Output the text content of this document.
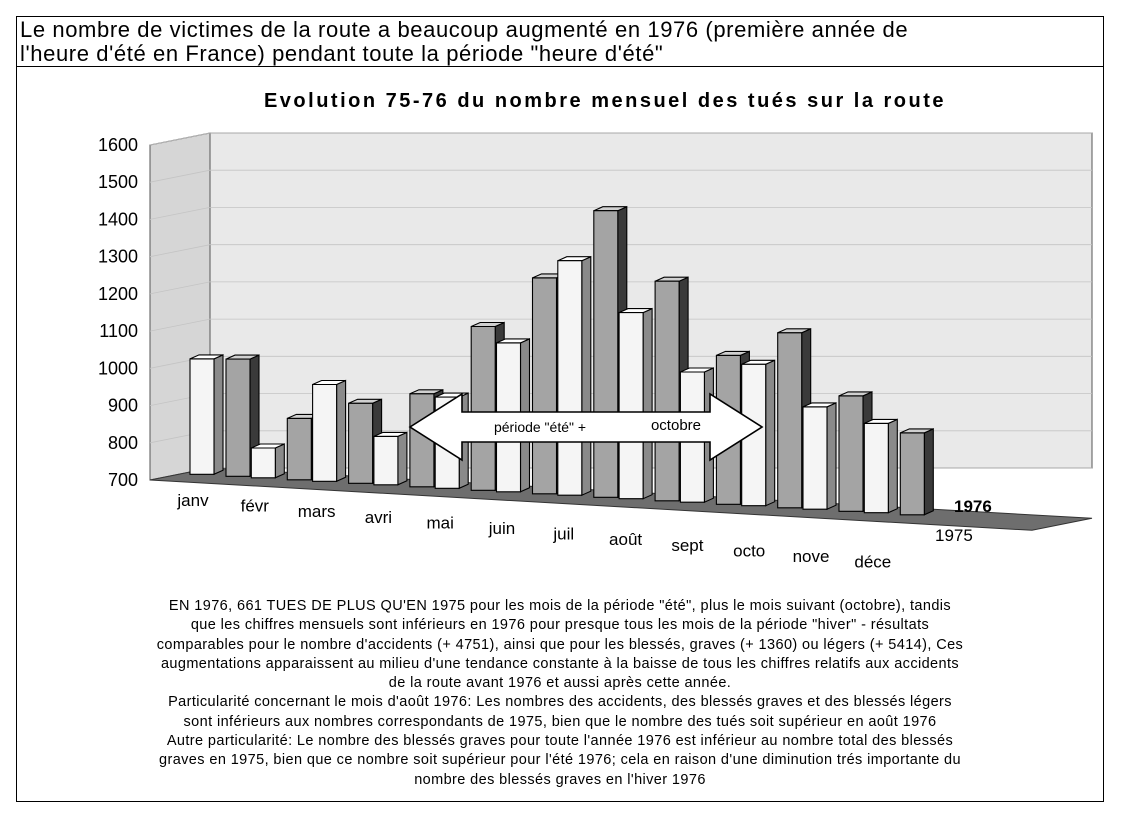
Le nombre de victimes de la route a beaucoup augmenté en 1976 (première année de
l'heure d'été en France) pendant toute la période "heure d'été"
Evolution 75-76 du nombre mensuel des tués sur la route
700
800
900
1000
1100
1200
1300
1400
1500
1600
janv févr mars avri mai juin juil août sept octo nove déce
1976
1975
période "été" +	octobre
EN 1976, 661 TUES DE PLUS QU'EN 1975 pour les mois de la période "été", plus le mois suivant (octobre), tandis
que les chiffres mensuels sont inférieurs en 1976 pour presque tous les mois de la période "hiver" - résultats
comparables pour le nombre d'accidents (+ 4751), ainsi que pour les blessés, graves (+ 1360) ou légers (+ 5414), Ces
augmentations apparaissent au milieu d'une tendance constante à la baisse de tous les chiffres relatifs aux accidents
de la route avant 1976 et aussi après cette année.
Particularité concernant le mois d'août 1976: Les nombres des accidents, des blessés graves et des blessés légers
sont inférieurs aux nombres correspondants de 1975, bien que le nombre des tués soit supérieur en août 1976
Autre particularité: Le nombre des blessés graves pour toute l'année 1976 est inférieur au nombre total des blessés
graves en 1975, bien que ce nombre soit supérieur pour l'été 1976; cela en raison d'une diminution trés importante du
nombre des blessés graves en l'hiver 1976
